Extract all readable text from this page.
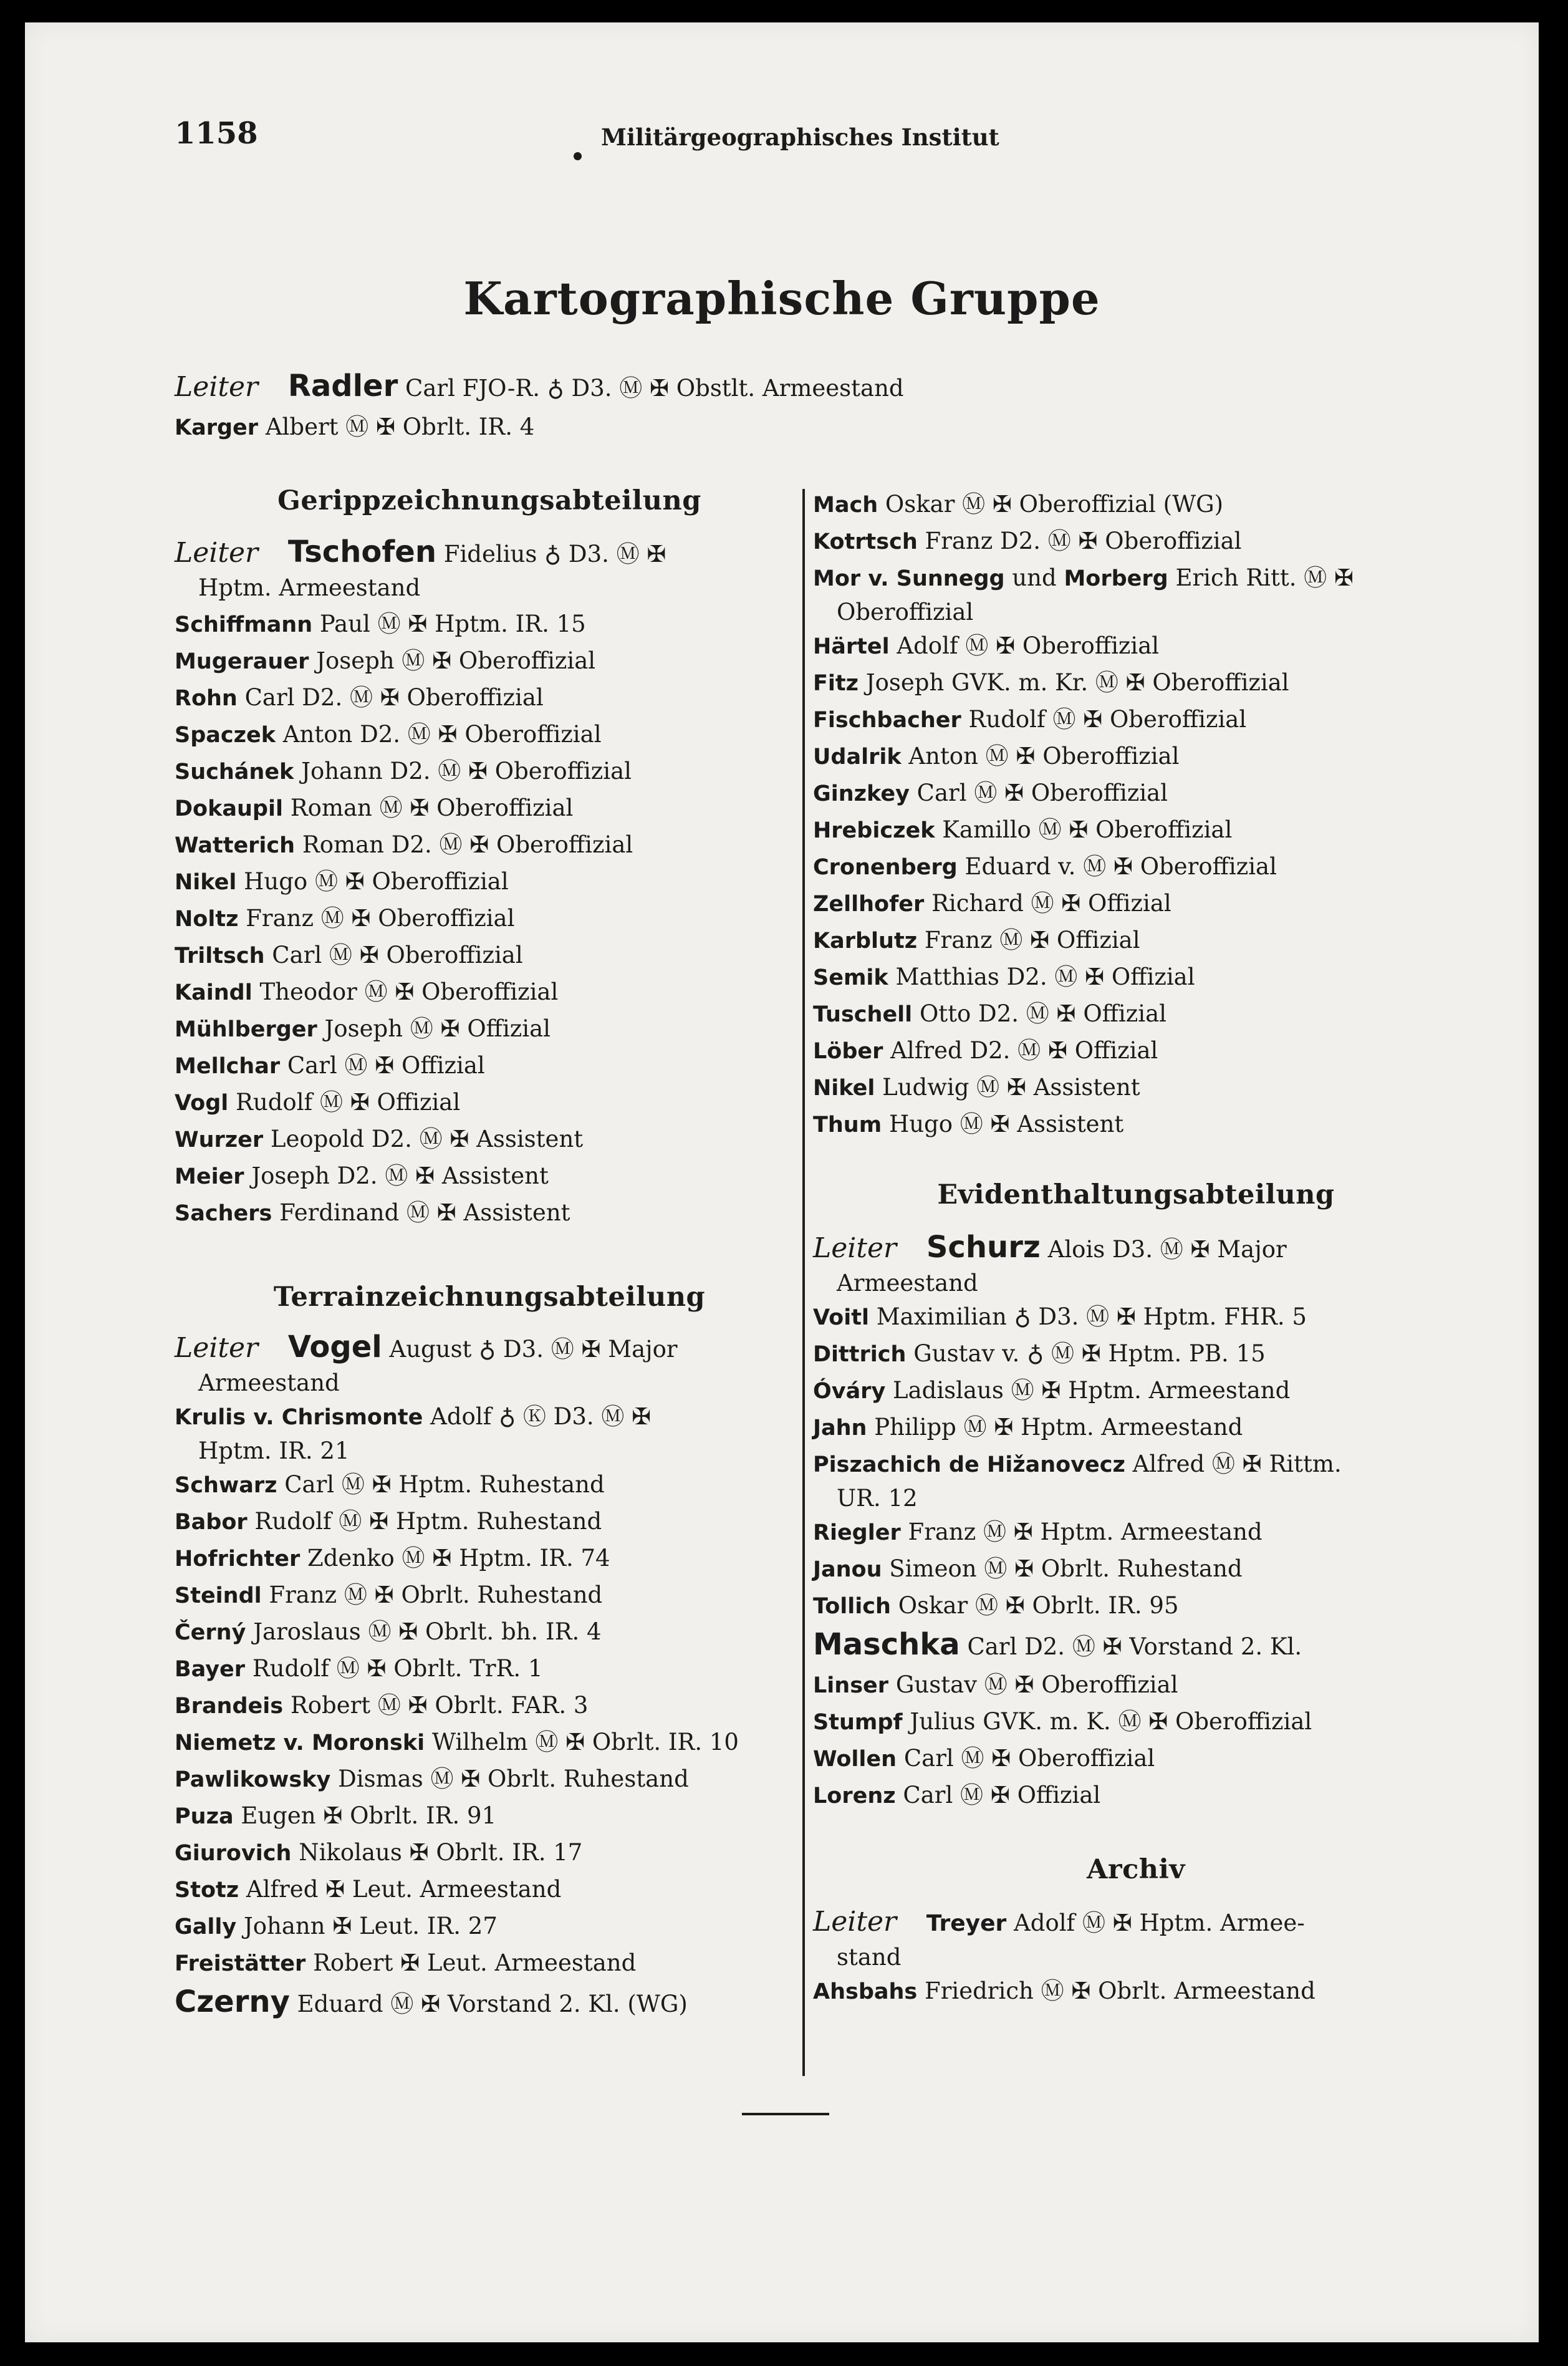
1158	Militärgeographisches Institut
Kartographische Gruppe
Leiter Radler Carl FJO-R. ♁ D3. Ⓜ ✠ Obstlt. Armeestand
Karger Albert Ⓜ ✠ Obrlt. IR. 4
Gerippzeichnungsabteilung
Leiter Tschofen Fidelius ♁ D3. Ⓜ ✠
Hptm. Armeestand
Schiffmann Paul Ⓜ ✠ Hptm. IR. 15
Mugerauer Joseph Ⓜ ✠ Oberoffizial
Rohn Carl D2. Ⓜ ✠ Oberoffizial
Spaczek Anton D2. Ⓜ ✠ Oberoffizial
Suchánek Johann D2. Ⓜ ✠ Oberoffizial
Dokaupil Roman Ⓜ ✠ Oberoffizial
Watterich Roman D2. Ⓜ ✠ Oberoffizial
Nikel Hugo Ⓜ ✠ Oberoffizial
Noltz Franz Ⓜ ✠ Oberoffizial
Triltsch Carl Ⓜ ✠ Oberoffizial
Kaindl Theodor Ⓜ ✠ Oberoffizial
Mühlberger Joseph Ⓜ ✠ Offizial
Mellchar Carl Ⓜ ✠ Offizial
Vogl Rudolf Ⓜ ✠ Offizial
Wurzer Leopold D2. Ⓜ ✠ Assistent
Meier Joseph D2. Ⓜ ✠ Assistent
Sachers Ferdinand Ⓜ ✠ Assistent
Terrainzeichnungsabteilung
Leiter Vogel August ♁ D3. Ⓜ ✠ Major
Armeestand
Krulis v. Chrismonte Adolf ♁ Ⓚ D3. Ⓜ ✠
Hptm. IR. 21
Schwarz Carl Ⓜ ✠ Hptm. Ruhestand
Babor Rudolf Ⓜ ✠ Hptm. Ruhestand
Hofrichter Zdenko Ⓜ ✠ Hptm. IR. 74
Steindl Franz Ⓜ ✠ Obrlt. Ruhestand
Černý Jaroslaus Ⓜ ✠ Obrlt. bh. IR. 4
Bayer Rudolf Ⓜ ✠ Obrlt. TrR. 1
Brandeis Robert Ⓜ ✠ Obrlt. FAR. 3
Niemetz v. Moronski Wilhelm Ⓜ ✠ Obrlt. IR. 10
Pawlikowsky Dismas Ⓜ ✠ Obrlt. Ruhestand
Puza Eugen ✠ Obrlt. IR. 91
Giurovich Nikolaus ✠ Obrlt. IR. 17
Stotz Alfred ✠ Leut. Armeestand
Gally Johann ✠ Leut. IR. 27
Freistätter Robert ✠ Leut. Armeestand
Czerny Eduard Ⓜ ✠ Vorstand 2. Kl. (WG)
Mach Oskar Ⓜ ✠ Oberoffizial (WG)
Kotrtsch Franz D2. Ⓜ ✠ Oberoffizial
Mor v. Sunnegg und Morberg Erich Ritt. Ⓜ ✠
Oberoffizial
Härtel Adolf Ⓜ ✠ Oberoffizial
Fitz Joseph GVK. m. Kr. Ⓜ ✠ Oberoffizial
Fischbacher Rudolf Ⓜ ✠ Oberoffizial
Udalrik Anton Ⓜ ✠ Oberoffizial
Ginzkey Carl Ⓜ ✠ Oberoffizial
Hrebiczek Kamillo Ⓜ ✠ Oberoffizial
Cronenberg Eduard v. Ⓜ ✠ Oberoffizial
Zellhofer Richard Ⓜ ✠ Offizial
Karblutz Franz Ⓜ ✠ Offizial
Semik Matthias D2. Ⓜ ✠ Offizial
Tuschell Otto D2. Ⓜ ✠ Offizial
Löber Alfred D2. Ⓜ ✠ Offizial
Nikel Ludwig Ⓜ ✠ Assistent
Thum Hugo Ⓜ ✠ Assistent
Evidenthaltungsabteilung
Leiter Schurz Alois D3. Ⓜ ✠ Major
Armeestand
Voitl Maximilian ♁ D3. Ⓜ ✠ Hptm. FHR. 5
Dittrich Gustav v. ♁ Ⓜ ✠ Hptm. PB. 15
Óváry Ladislaus Ⓜ ✠ Hptm. Armeestand
Jahn Philipp Ⓜ ✠ Hptm. Armeestand
Piszachich de Hižanovecz Alfred Ⓜ ✠ Rittm.
UR. 12
Riegler Franz Ⓜ ✠ Hptm. Armeestand
Janou Simeon Ⓜ ✠ Obrlt. Ruhestand
Tollich Oskar Ⓜ ✠ Obrlt. IR. 95
Maschka Carl D2. Ⓜ ✠ Vorstand 2. Kl.
Linser Gustav Ⓜ ✠ Oberoffizial
Stumpf Julius GVK. m. K. Ⓜ ✠ Oberoffizial
Wollen Carl Ⓜ ✠ Oberoffizial
Lorenz Carl Ⓜ ✠ Offizial
Archiv
Leiter Treyer Adolf Ⓜ ✠ Hptm. Armee-
stand
Ahsbahs Friedrich Ⓜ ✠ Obrlt. Armeestand
